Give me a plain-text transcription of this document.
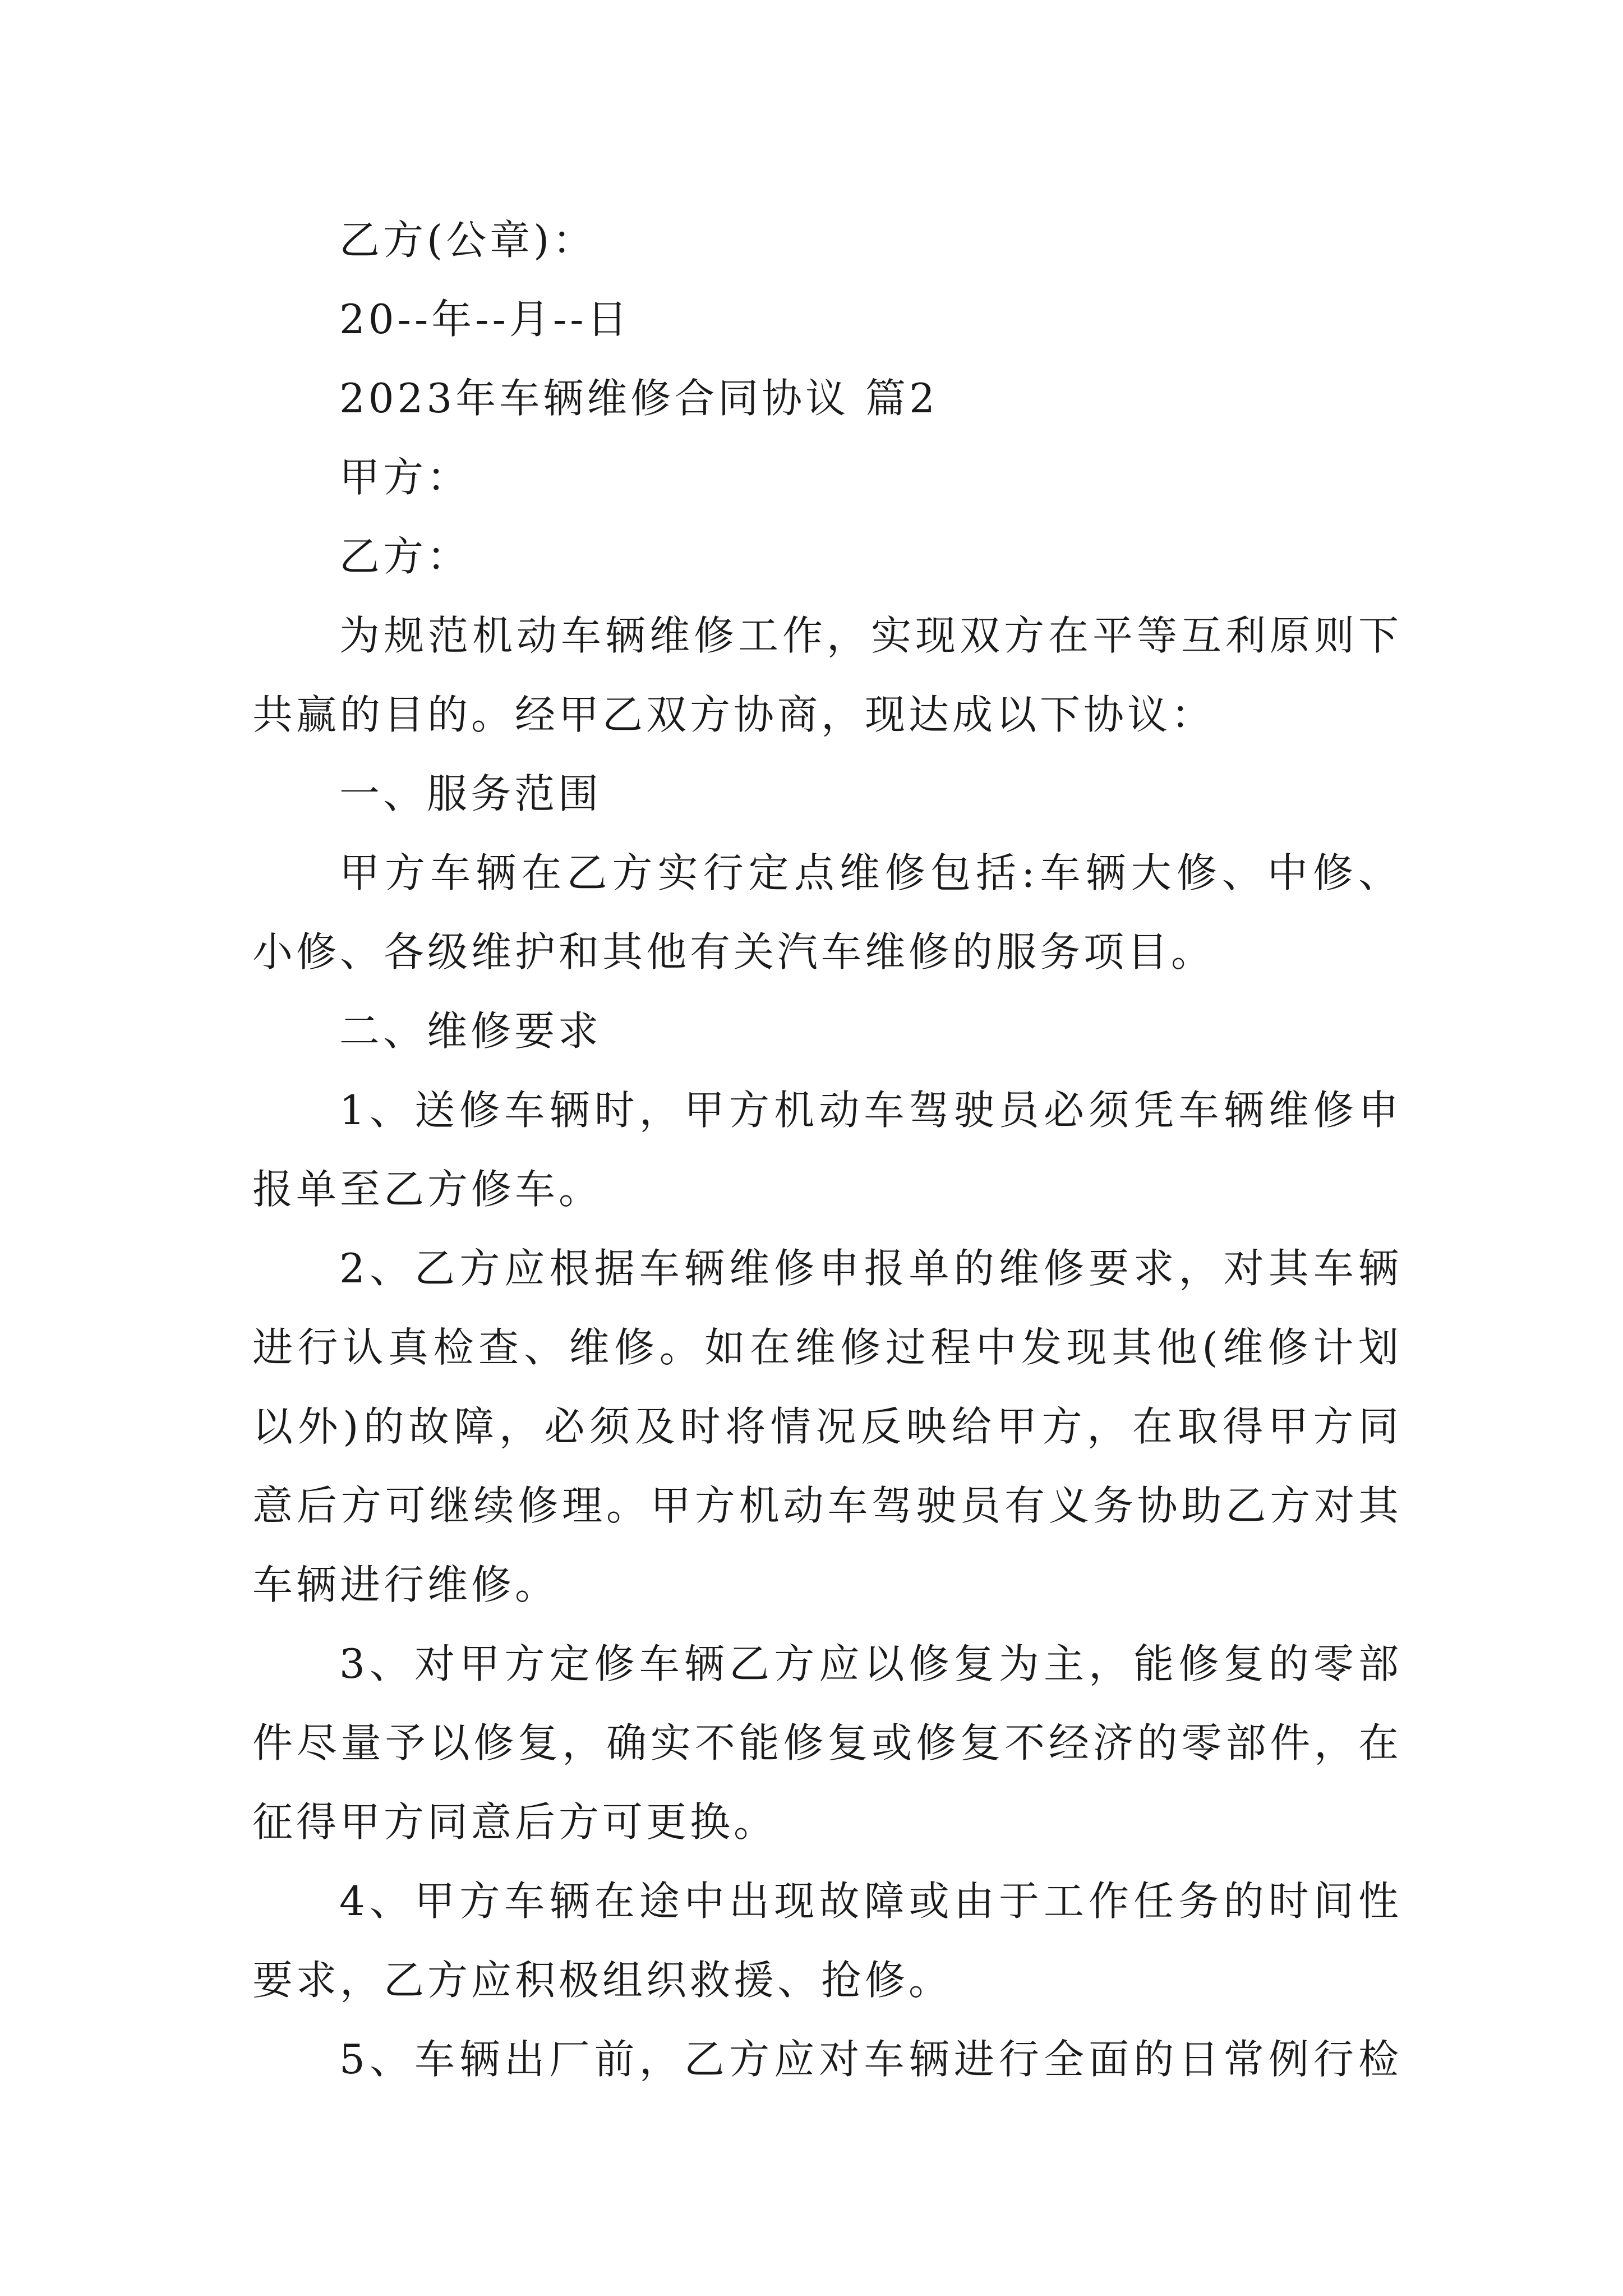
乙方(公章)：
20--年--月--日
2023年车辆维修合同协议 篇2
甲方：
乙方：
为规范机动车辆维修工作，实现双方在平等互利原则下
共赢的目的。经甲乙双方协商，现达成以下协议：
一、服务范围
甲方车辆在乙方实行定点维修包括:车辆大修、中修、
小修、各级维护和其他有关汽车维修的服务项目。
二、维修要求
1、送修车辆时，甲方机动车驾驶员必须凭车辆维修申
报单至乙方修车。
2、乙方应根据车辆维修申报单的维修要求，对其车辆
进行认真检查、维修。如在维修过程中发现其他(维修计划
以外)的故障，必须及时将情况反映给甲方，在取得甲方同
意后方可继续修理。甲方机动车驾驶员有义务协助乙方对其
车辆进行维修。
3、对甲方定修车辆乙方应以修复为主，能修复的零部
件尽量予以修复，确实不能修复或修复不经济的零部件，在
征得甲方同意后方可更换。
4、甲方车辆在途中出现故障或由于工作任务的时间性
要求，乙方应积极组织救援、抢修。
5、车辆出厂前，乙方应对车辆进行全面的日常例行检
